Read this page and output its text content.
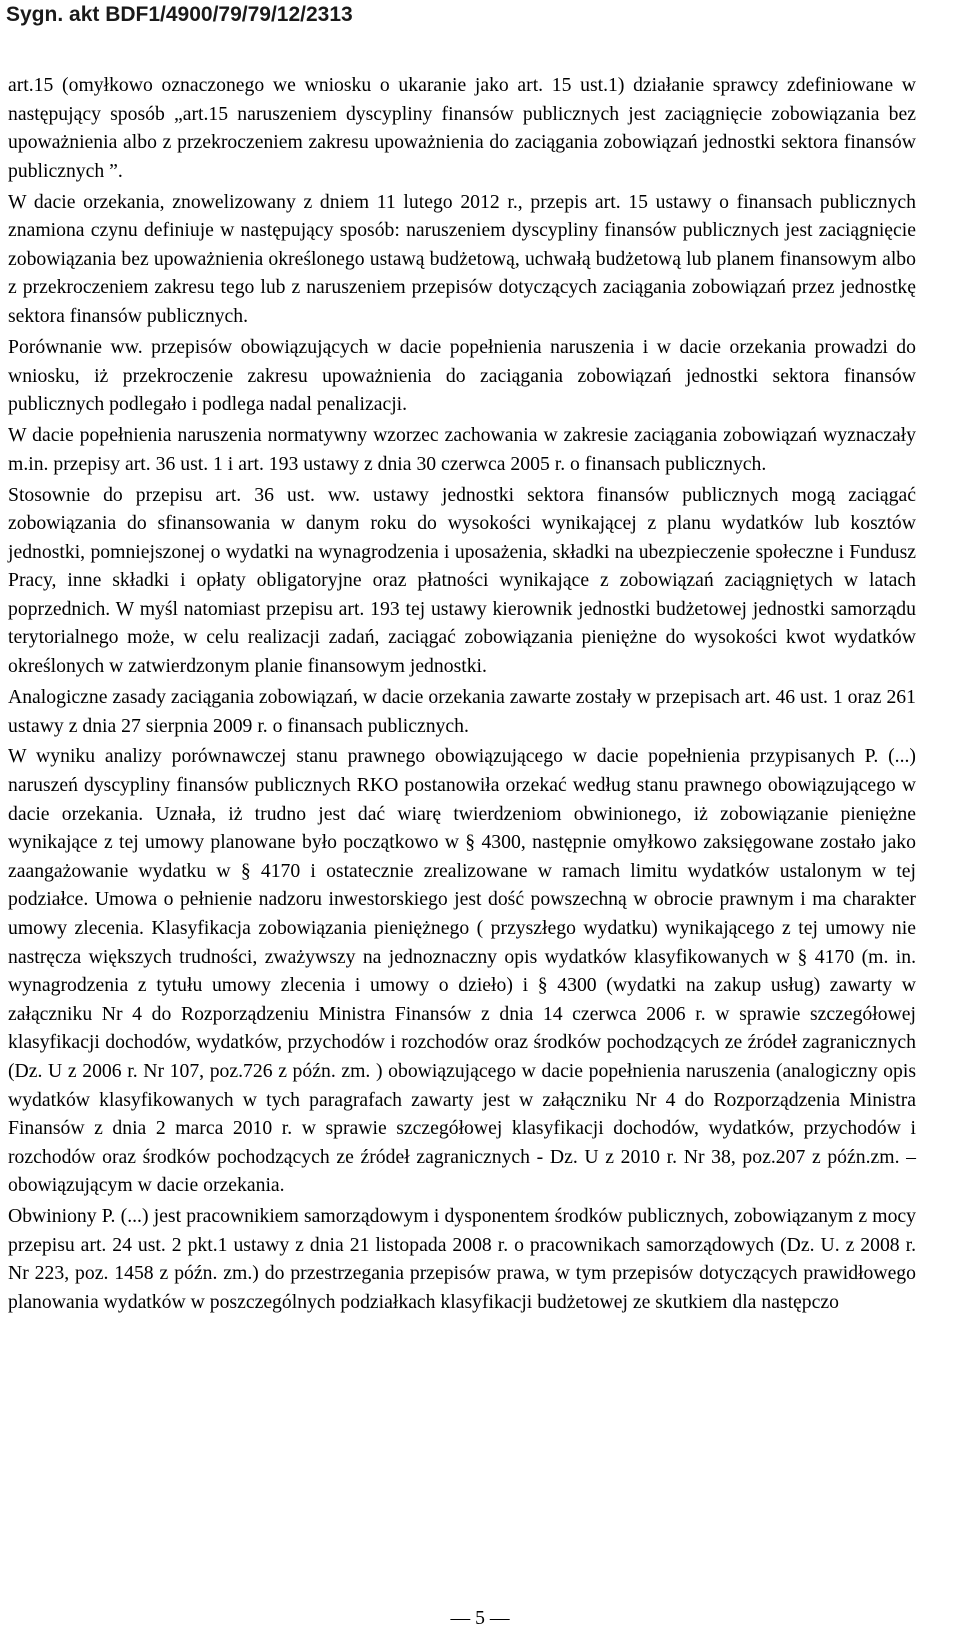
Sygn. akt BDF1/4900/79/79/12/2313

art.15 (omyłkowo oznaczonego we wniosku o ukaranie jako art. 15 ust.1) działanie sprawcy zdefiniowane w następujący sposób „art.15 naruszeniem dyscypliny finansów publicznych jest zaciągnięcie zobowiązania bez upoważnienia albo z przekroczeniem zakresu upoważnienia do zaciągania zobowiązań jednostki sektora finansów publicznych ”.

W dacie orzekania, znowelizowany z dniem 11 lutego 2012 r., przepis art. 15 ustawy o finansach publicznych znamiona czynu definiuje w następujący sposób: naruszeniem dyscypliny finansów publicznych jest zaciągnięcie zobowiązania bez upoważnienia określonego ustawą budżetową, uchwałą budżetową lub planem finansowym albo z przekroczeniem zakresu tego lub z naruszeniem przepisów dotyczących zaciągania zobowiązań przez jednostkę sektora finansów publicznych.

Porównanie ww. przepisów obowiązujących w dacie popełnienia naruszenia i w dacie orzekania prowadzi do wniosku, iż przekroczenie zakresu upoważnienia do zaciągania zobowiązań jednostki sektora finansów publicznych podlegało i podlega nadal penalizacji.

W dacie popełnienia naruszenia normatywny wzorzec zachowania w zakresie zaciągania zobowiązań wyznaczały m.in. przepisy art. 36 ust. 1 i art. 193 ustawy z dnia 30 czerwca 2005 r. o finansach publicznych.

Stosownie do przepisu art. 36 ust. ww. ustawy jednostki sektora finansów publicznych mogą zaciągać zobowiązania do sfinansowania w danym roku do wysokości wynikającej z planu wydatków lub kosztów jednostki, pomniejszonej o wydatki na wynagrodzenia i uposażenia, składki na ubezpieczenie społeczne i Fundusz Pracy, inne składki i opłaty obligatoryjne oraz płatności wynikające z zobowiązań zaciągniętych w latach poprzednich. W myśl natomiast przepisu art. 193 tej ustawy kierownik jednostki budżetowej jednostki samorządu terytorialnego może, w celu realizacji zadań, zaciągać zobowiązania pieniężne do wysokości kwot wydatków określonych w zatwierdzonym planie finansowym jednostki.

Analogiczne zasady zaciągania zobowiązań, w dacie orzekania zawarte zostały w przepisach art. 46 ust. 1 oraz 261 ustawy z dnia 27 sierpnia 2009 r. o finansach publicznych.

W wyniku analizy porównawczej stanu prawnego obowiązującego w dacie popełnienia przypisanych P. (...) naruszeń dyscypliny finansów publicznych RKO postanowiła orzekać według stanu prawnego obowiązującego w dacie orzekania. Uznała, iż trudno jest dać wiarę twierdzeniom obwinionego, iż zobowiązanie pieniężne wynikające z tej umowy planowane było początkowo w § 4300, następnie omyłkowo zaksięgowane zostało jako zaangażowanie wydatku w § 4170 i ostatecznie zrealizowane w ramach limitu wydatków ustalonym w tej podziałce. Umowa o pełnienie nadzoru inwestorskiego jest dość powszechną w obrocie prawnym i ma charakter umowy zlecenia. Klasyfikacja zobowiązania pieniężnego ( przyszłego wydatku) wynikającego z tej umowy nie nastręcza większych trudności, zważywszy na jednoznaczny opis wydatków klasyfikowanych w § 4170 (m. in. wynagrodzenia z tytułu umowy zlecenia i umowy o dzieło) i § 4300 (wydatki na zakup usług) zawarty w załączniku Nr 4 do Rozporządzeniu Ministra Finansów z dnia 14 czerwca 2006 r. w sprawie szczegółowej klasyfikacji dochodów, wydatków, przychodów i rozchodów oraz środków pochodzących ze źródeł zagranicznych (Dz. U z 2006 r. Nr 107, poz.726 z późn. zm. ) obowiązującego w dacie popełnienia naruszenia (analogiczny opis wydatków klasyfikowanych w tych paragrafach zawarty jest w załączniku Nr 4 do Rozporządzenia Ministra Finansów z dnia 2 marca 2010 r. w sprawie szczegółowej klasyfikacji dochodów, wydatków, przychodów i rozchodów oraz środków pochodzących ze źródeł zagranicznych - Dz. U z 2010 r. Nr 38, poz.207 z późn.zm. – obowiązującym w dacie orzekania.

Obwiniony P. (...) jest pracownikiem samorządowym i dysponentem środków publicznych, zobowiązanym z mocy przepisu art. 24 ust. 2 pkt.1 ustawy z dnia 21 listopada 2008 r. o pracownikach samorządowych (Dz. U. z 2008 r. Nr 223, poz. 1458 z późn. zm.) do przestrzegania przepisów prawa, w tym przepisów dotyczących prawidłowego planowania wydatków w poszczególnych podziałkach klasyfikacji budżetowej ze skutkiem dla następczo

— 5 —
